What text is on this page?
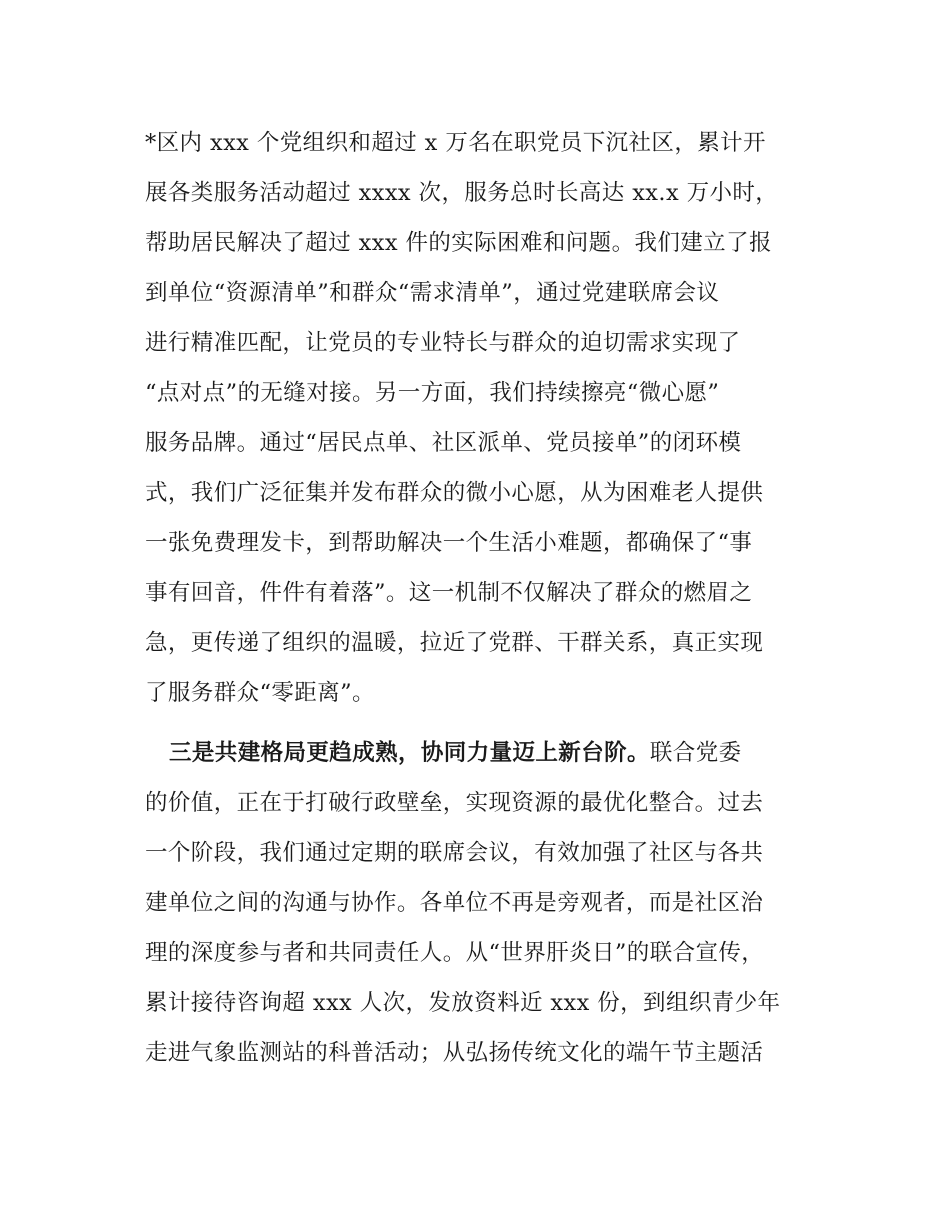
*区内 xxx 个党组织和超过 x 万名在职党员下沉社区，累计开
展各类服务活动超过 xxxx 次，服务总时长高达 xx.x 万小时，
帮助居民解决了超过 xxx 件的实际困难和问题。我们建立了报
到单位“资源清单”和群众“需求清单”，通过党建联席会议
进行精准匹配，让党员的专业特长与群众的迫切需求实现了
“点对点”的无缝对接。另一方面，我们持续擦亮“微心愿”
服务品牌。通过“居民点单、社区派单、党员接单”的闭环模
式，我们广泛征集并发布群众的微小心愿，从为困难老人提供
一张免费理发卡，到帮助解决一个生活小难题，都确保了“事
事有回音，件件有着落”。这一机制不仅解决了群众的燃眉之
急，更传递了组织的温暖，拉近了党群、干群关系，真正实现
了服务群众“零距离”。
三是共建格局更趋成熟，协同力量迈上新台阶。联合党委
的价值，正在于打破行政壁垒，实现资源的最优化整合。过去
一个阶段，我们通过定期的联席会议，有效加强了社区与各共
建单位之间的沟通与协作。各单位不再是旁观者，而是社区治
理的深度参与者和共同责任人。从“世界肝炎日”的联合宣传，
累计接待咨询超 xxx 人次，发放资料近 xxx 份，到组织青少年
走进气象监测站的科普活动；从弘扬传统文化的端午节主题活
